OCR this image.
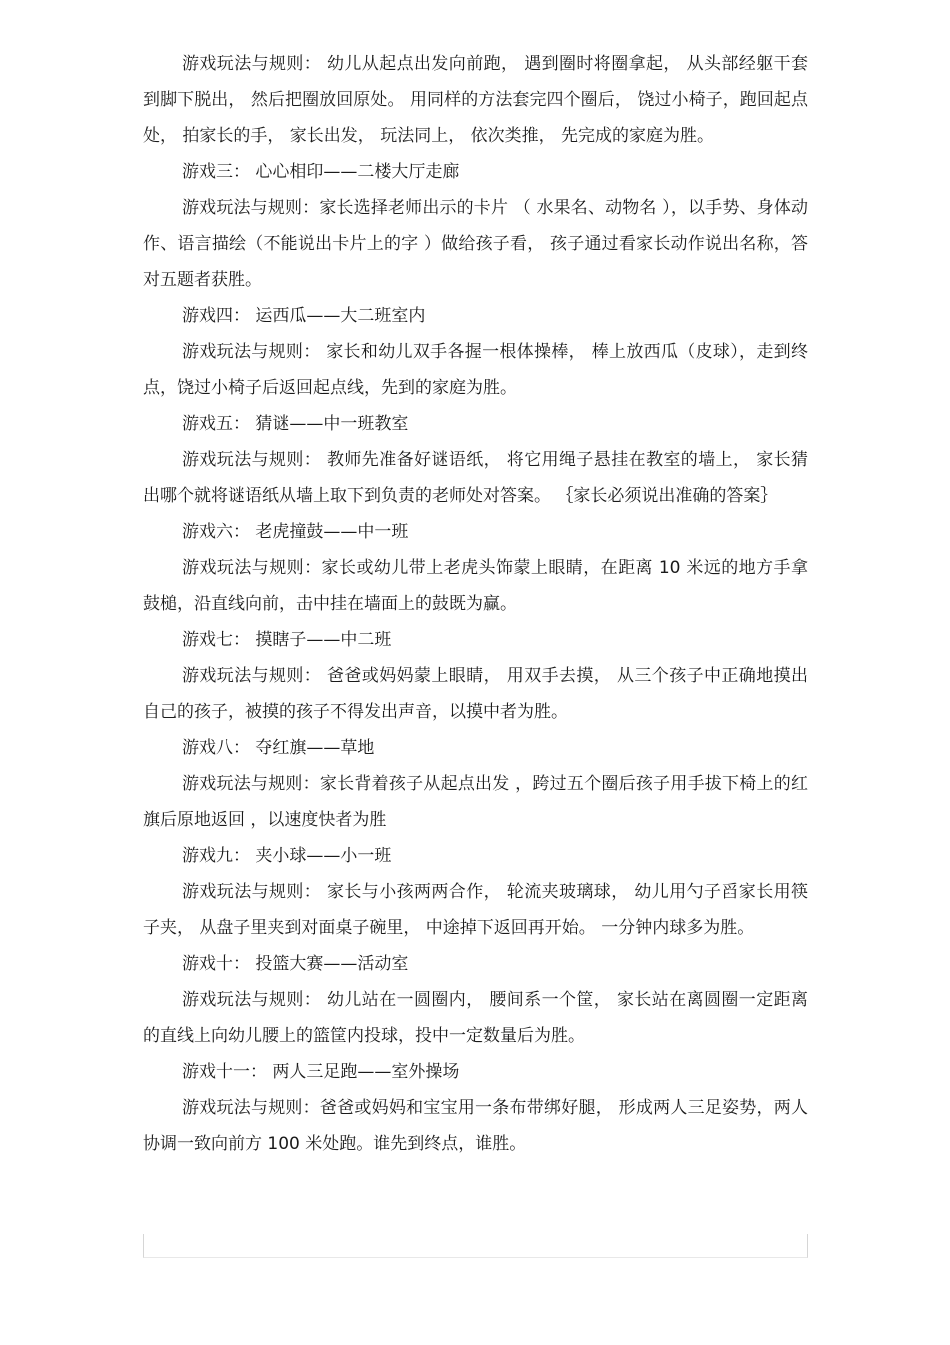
游戏玩法与规则： 幼儿从起点出发向前跑， 遇到圈时将圈拿起， 从头部经躯干套到脚下脱出， 然后把圈放回原处。 用同样的方法套完四个圈后， 饶过小椅子，跑回起点处， 拍家长的手， 家长出发， 玩法同上， 依次类推， 先完成的家庭为胜。

游戏三： 心心相印——二楼大厅走廊

游戏玩法与规则：家长选择老师出示的卡片 （ 水果名、动物名 ），以手势、身体动作、语言描绘（不能说出卡片上的字 ）做给孩子看， 孩子通过看家长动作说出名称，答对五题者获胜。

游戏四： 运西瓜——大二班室内

游戏玩法与规则： 家长和幼儿双手各握一根体操棒， 棒上放西瓜（皮球），走到终点，饶过小椅子后返回起点线，先到的家庭为胜。

游戏五： 猜谜——中一班教室

游戏玩法与规则： 教师先准备好谜语纸， 将它用绳子悬挂在教室的墙上， 家长猜出哪个就将谜语纸从墙上取下到负责的老师处对答案。 ｛家长必须说出准确的答案｝

游戏六： 老虎撞鼓——中一班

游戏玩法与规则：家长或幼儿带上老虎头饰蒙上眼睛，在距离 10 米远的地方手拿鼓槌，沿直线向前，击中挂在墙面上的鼓既为赢。

游戏七： 摸瞎子——中二班

游戏玩法与规则： 爸爸或妈妈蒙上眼睛， 用双手去摸， 从三个孩子中正确地摸出自己的孩子，被摸的孩子不得发出声音，以摸中者为胜。

游戏八： 夺红旗——草地

游戏玩法与规则：家长背着孩子从起点出发 ，跨过五个圈后孩子用手拔下椅上的红旗后原地返回 ，以速度快者为胜

游戏九： 夹小球——小一班

游戏玩法与规则： 家长与小孩两两合作， 轮流夹玻璃球， 幼儿用勺子舀家长用筷子夹， 从盘子里夹到对面桌子碗里， 中途掉下返回再开始。 一分钟内球多为胜。

游戏十： 投篮大赛——活动室

游戏玩法与规则： 幼儿站在一圆圈内， 腰间系一个筐， 家长站在离圆圈一定距离的直线上向幼儿腰上的篮筐内投球，投中一定数量后为胜。

游戏十一： 两人三足跑——室外操场

游戏玩法与规则：爸爸或妈妈和宝宝用一条布带绑好腿， 形成两人三足姿势，两人协调一致向前方 100 米处跑。谁先到终点，谁胜。
